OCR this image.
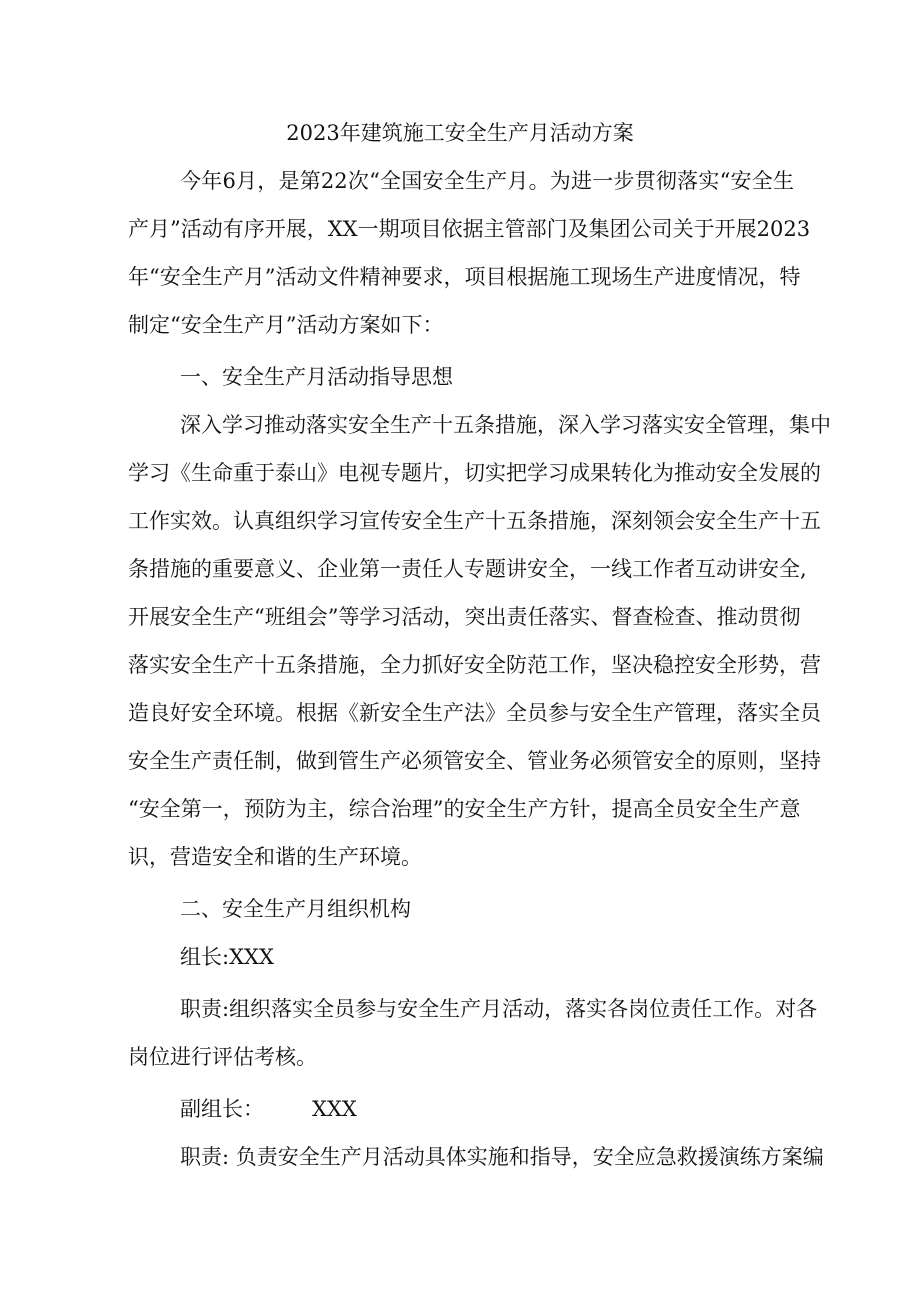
2023年建筑施工安全生产月活动方案
今年6月，是第22次“全国安全生产月。为进一步贯彻落实“安全生
产月”活动有序开展，XX一期项目依据主管部门及集团公司关于开展2023
年“安全生产月”活动文件精神要求，项目根据施工现场生产进度情况，特
制定“安全生产月”活动方案如下：
一、安全生产月活动指导思想
深入学习推动落实安全生产十五条措施，深入学习落实安全管理，集中
学习《生命重于泰山》电视专题片，切实把学习成果转化为推动安全发展的
工作实效。认真组织学习宣传安全生产十五条措施，深刻领会安全生产十五
条措施的重要意义、企业第一责任人专题讲安全，一线工作者互动讲安全,
开展安全生产“班组会”等学习活动，突出责任落实、督查检查、推动贯彻
落实安全生产十五条措施，全力抓好安全防范工作，坚决稳控安全形势，营
造良好安全环境。根据《新安全生产法》全员参与安全生产管理，落实全员
安全生产责任制，做到管生产必须管安全、管业务必须管安全的原则，坚持
“安全第一，预防为主，综合治理”的安全生产方针，提高全员安全生产意
识，营造安全和谐的生产环境。
二、安全生产月组织机构
组长:XXX
职责:组织落实全员参与安全生产月活动，落实各岗位责任工作。对各
岗位进行评估考核。
副组长： XXX
职责: 负责安全生产月活动具体实施和指导，安全应急救援演练方案编
